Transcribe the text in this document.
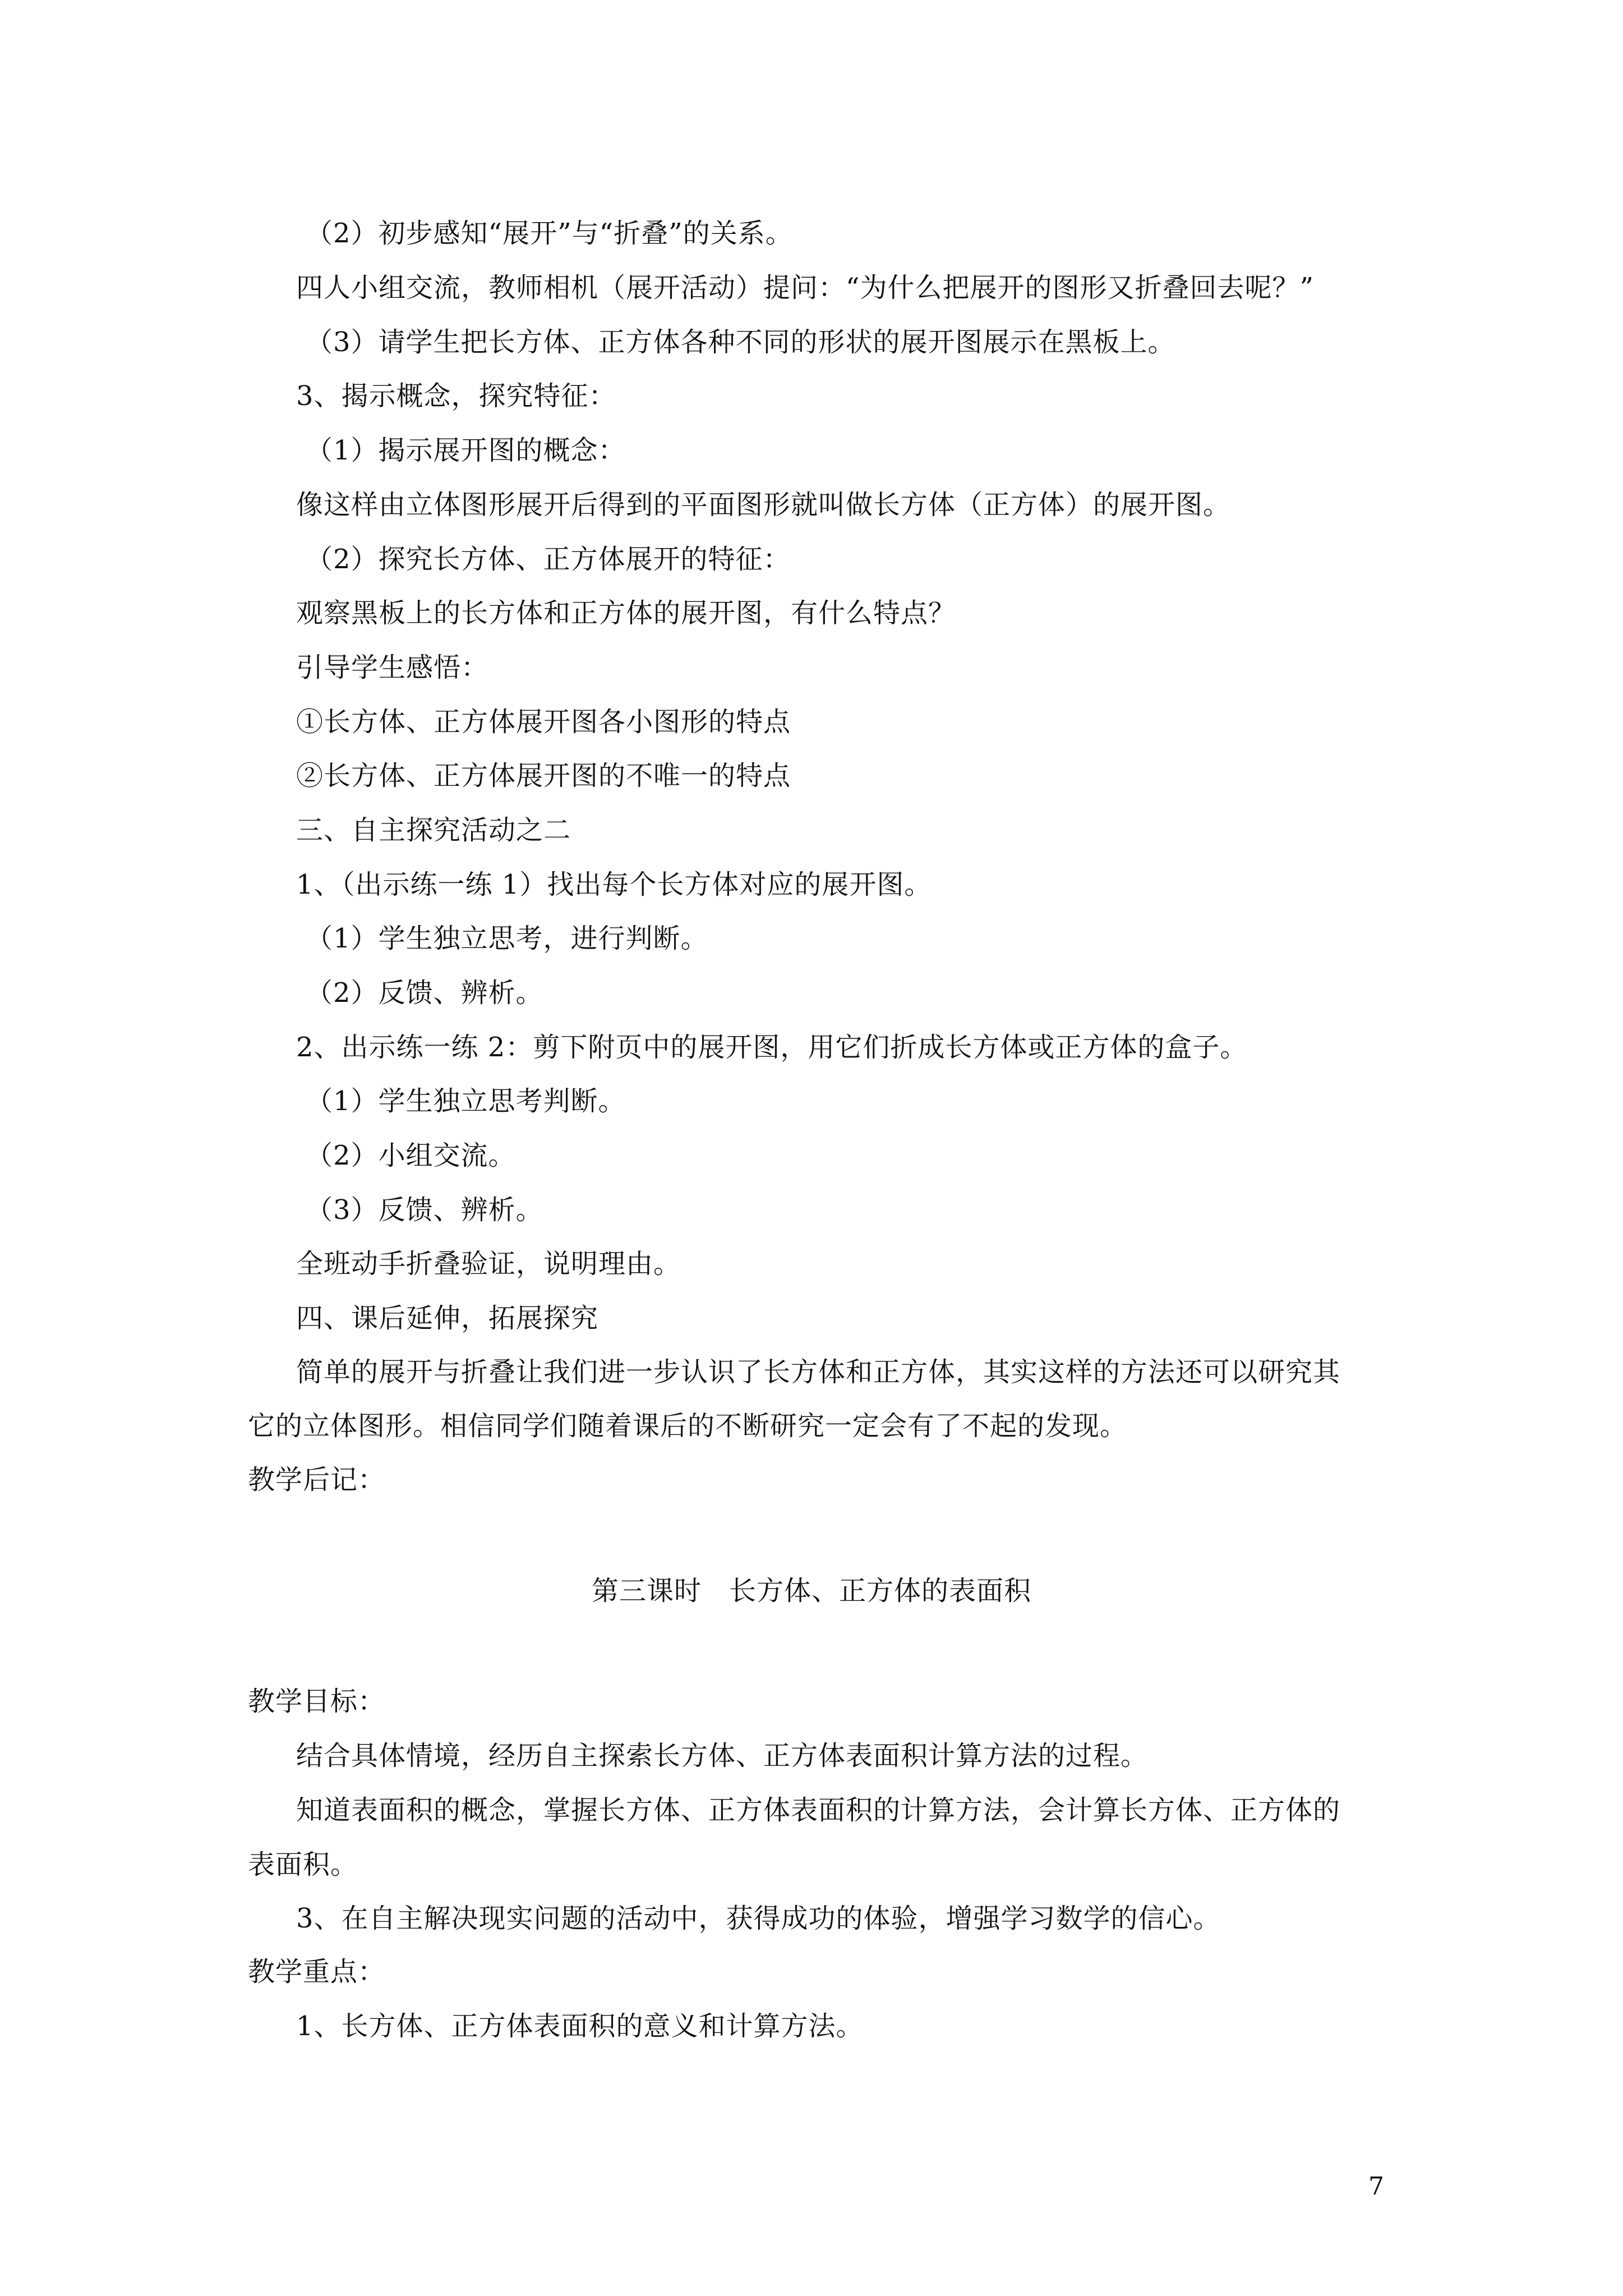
（2）初步感知“展开”与“折叠”的关系。
四人小组交流，教师相机（展开活动）提问：“为什么把展开的图形又折叠回去呢？”
（3）请学生把长方体、正方体各种不同的形状的展开图展示在黑板上。
3、揭示概念，探究特征：
（1）揭示展开图的概念：
像这样由立体图形展开后得到的平面图形就叫做长方体（正方体）的展开图。
（2）探究长方体、正方体展开的特征：
观察黑板上的长方体和正方体的展开图，有什么特点？
引导学生感悟：
①长方体、正方体展开图各小图形的特点
②长方体、正方体展开图的不唯一的特点
三、自主探究活动之二
1、（出示练一练 1）找出每个长方体对应的展开图。
（1）学生独立思考，进行判断。
（2）反馈、辨析。
2、出示练一练 2：剪下附页中的展开图，用它们折成长方体或正方体的盒子。
（1）学生独立思考判断。
（2）小组交流。
（3）反馈、辨析。
全班动手折叠验证，说明理由。
四、课后延伸，拓展探究
简单的展开与折叠让我们进一步认识了长方体和正方体，其实这样的方法还可以研究其
它的立体图形。相信同学们随着课后的不断研究一定会有了不起的发现。
教学后记：
第三课时　长方体、正方体的表面积
教学目标：
结合具体情境，经历自主探索长方体、正方体表面积计算方法的过程。
知道表面积的概念，掌握长方体、正方体表面积的计算方法，会计算长方体、正方体的
表面积。
3、在自主解决现实问题的活动中，获得成功的体验，增强学习数学的信心。
教学重点：
1、长方体、正方体表面积的意义和计算方法。
7
